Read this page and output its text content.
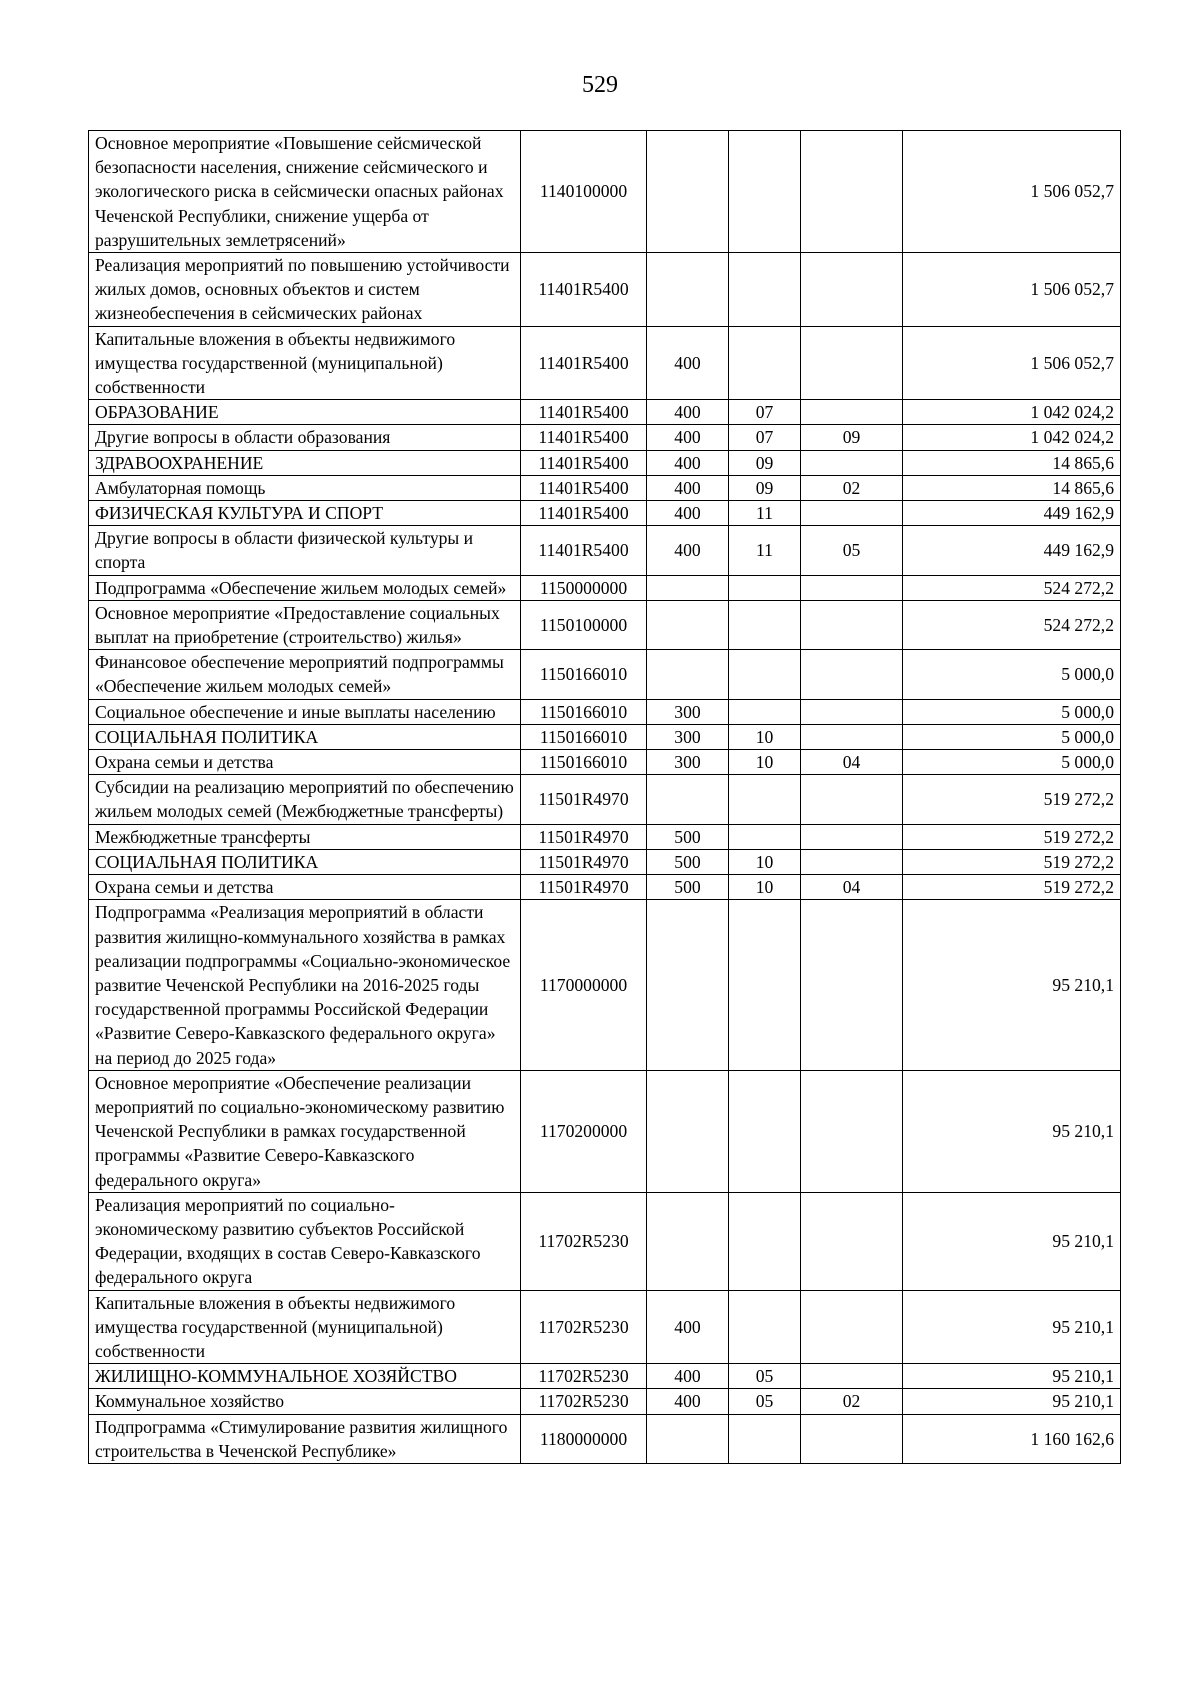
529
Основное мероприятие «Повышение сейсмической безопасности населения, снижение сейсмического и экологического риска в сейсмически опасных районах Чеченской Республики, снижение ущерба от разрушительных землетрясений»	1140100000				1 506 052,7
Реализация мероприятий по повышению устойчивости жилых домов, основных объектов и систем жизнеобеспечения в сейсмических районах	11401R5400				1 506 052,7
Капитальные вложения в объекты недвижимого имущества государственной (муниципальной) собственности	11401R5400	400			1 506 052,7
ОБРАЗОВАНИЕ	11401R5400	400	07		1 042 024,2
Другие вопросы в области образования	11401R5400	400	07	09	1 042 024,2
ЗДРАВООХРАНЕНИЕ	11401R5400	400	09		14 865,6
Амбулаторная помощь	11401R5400	400	09	02	14 865,6
ФИЗИЧЕСКАЯ КУЛЬТУРА И СПОРТ	11401R5400	400	11		449 162,9
Другие вопросы в области физической культуры и спорта	11401R5400	400	11	05	449 162,9
Подпрограмма «Обеспечение жильем молодых семей»	1150000000				524 272,2
Основное мероприятие «Предоставление социальных выплат на приобретение (строительство) жилья»	1150100000				524 272,2
Финансовое обеспечение мероприятий подпрограммы «Обеспечение жильем молодых семей»	1150166010				5 000,0
Социальное обеспечение и иные выплаты населению	1150166010	300			5 000,0
СОЦИАЛЬНАЯ ПОЛИТИКА	1150166010	300	10		5 000,0
Охрана семьи и детства	1150166010	300	10	04	5 000,0
Субсидии на реализацию мероприятий по обеспечению жильем молодых семей (Межбюджетные трансферты)	11501R4970				519 272,2
Межбюджетные трансферты	11501R4970	500			519 272,2
СОЦИАЛЬНАЯ ПОЛИТИКА	11501R4970	500	10		519 272,2
Охрана семьи и детства	11501R4970	500	10	04	519 272,2
Подпрограмма «Реализация мероприятий в области развития жилищно-коммунального хозяйства в рамках реализации подпрограммы «Социально-экономическое развитие Чеченской Республики на 2016-2025 годы государственной программы Российской Федерации «Развитие Северо-Кавказского федерального округа» на период до 2025 года»	1170000000				95 210,1
Основное мероприятие «Обеспечение реализации мероприятий по социально-экономическому развитию Чеченской Республики в рамках государственной программы «Развитие Северо-Кавказского федерального округа»	1170200000				95 210,1
Реализация мероприятий по социально-экономическому развитию субъектов Российской Федерации, входящих в состав Северо-Кавказского федерального округа	11702R5230				95 210,1
Капитальные вложения в объекты недвижимого имущества государственной (муниципальной) собственности	11702R5230	400			95 210,1
ЖИЛИЩНО-КОММУНАЛЬНОЕ ХОЗЯЙСТВО	11702R5230	400	05		95 210,1
Коммунальное хозяйство	11702R5230	400	05	02	95 210,1
Подпрограмма «Стимулирование развития жилищного строительства в Чеченской Республике»	1180000000				1 160 162,6
